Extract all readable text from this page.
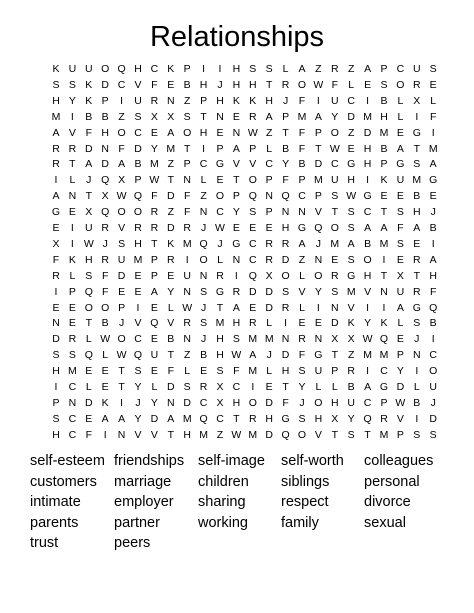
Relationships
K U U O Q H C K P	I	I	H S S L A Z R Z A P C U S
S S K D C V F E B H J H H T R O W F L E S O R E
H Y K P	I	U R N Z P H K K H J	F	I	U C	I	B L X L
M	I	B B Z S X X S T N E R A P M A Y D M H L	I	F
A V F H O C E A O H E N W Z T F P O Z D M E G	I
R R D N F D Y M T	I	P A P L B F T W E H B A T M
R T A D A B M Z P C G V V C Y B D C G H P G S A
I	L	J Q X P W T N L E T O P F P M U H	I	K U M G
A N T X W Q F D F Z O P Q N Q C P S W G E E B E
G E X Q O O R Z F N C Y S P N N V T S C T S H J
E	I	U R V R R D R J W E E E H G Q O S A A F A B
X	I W J S H T K M Q J G C R R A J M A B M S E	I
F K H R U M P R	I	O L N C R D Z N E S O	I	E R A
R L S F D E P E U N R	I	Q X O L O R G H T X T H
I	P Q F E E A Y N S G R D D S V Y S M V N U R F
E E O O P	I	E L W J	T A E D R L	I	N V	I	I	A G Q
N E T B J V Q V R S M H R L	I	E E D K Y K L S B
D R L W O C E B N J H S M M N R N X X W Q E J	I
S S Q L W Q U T Z B H W A J D F G T Z M M P N C
H M E E T S E F L E S F M L H S U P R	I	C Y	I	O
I	C L E T Y L D S R X C	I	E T Y L	L B A G D L U
P N D K	I	J Y N D C X H O D F	J O H U C P W B J
S C E A A Y D A M Q C T R H G S H X Y Q R V	I	D
H C F	I	N V V T H M Z W M D Q O V T S T M P S S
self-esteem friendships self-image self-worth colleagues
customers marriage children siblings personal
intimate employer sharing respect divorce
parents partner	working family	sexual
trust	peers
